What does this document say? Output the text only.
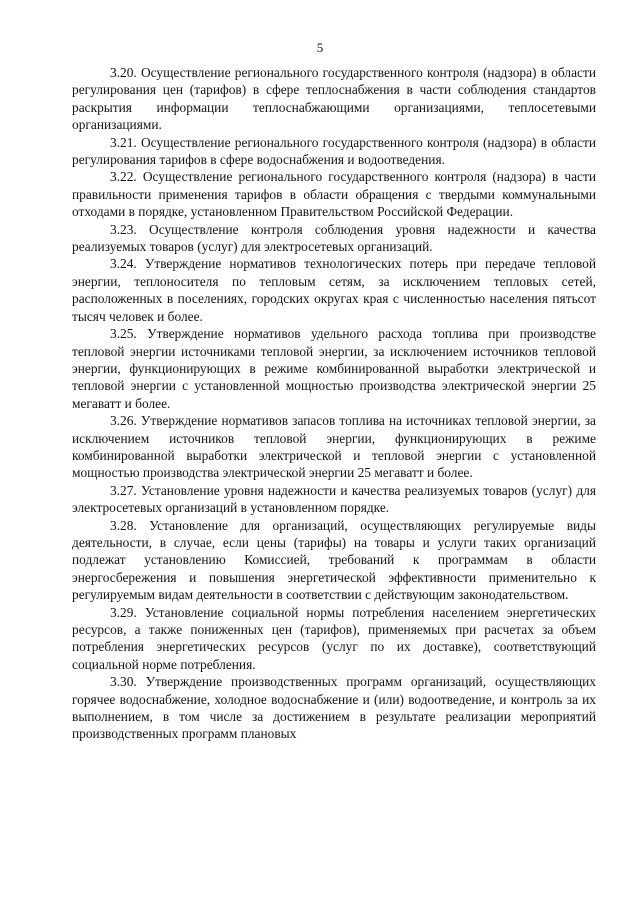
5

3.20. Осуществление регионального государственного контроля (надзора) в области регулирования цен (тарифов) в сфере теплоснабжения в части соблюдения стандартов раскрытия информации теплоснабжающими организациями, теплосетевыми организациями.

3.21. Осуществление регионального государственного контроля (надзора) в области регулирования тарифов в сфере водоснабжения и водоотведения.

3.22. Осуществление регионального государственного контроля (надзора) в части правильности применения тарифов в области обращения с твердыми коммунальными отходами в порядке, установленном Правительством Российской Федерации.

3.23. Осуществление контроля соблюдения уровня надежности и качества реализуемых товаров (услуг) для электросетевых организаций.

3.24. Утверждение нормативов технологических потерь при передаче тепловой энергии, теплоносителя по тепловым сетям, за исключением тепловых сетей, расположенных в поселениях, городских округах края с численностью населения пятьсот тысяч человек и более.

3.25. Утверждение нормативов удельного расхода топлива при производстве тепловой энергии источниками тепловой энергии, за исключением источников тепловой энергии, функционирующих в режиме комбинированной выработки электрической и тепловой энергии с установленной мощностью производства электрической энергии 25 мегаватт и более.

3.26. Утверждение нормативов запасов топлива на источниках тепловой энергии, за исключением источников тепловой энергии, функционирующих в режиме комбинированной выработки электрической и тепловой энергии с установленной мощностью производства электрической энергии 25 мегаватт и более.

3.27. Установление уровня надежности и качества реализуемых товаров (услуг) для электросетевых организаций в установленном порядке.

3.28. Установление для организаций, осуществляющих регулируемые виды деятельности, в случае, если цены (тарифы) на товары и услуги таких организаций подлежат установлению Комиссией, требований к программам в области энергосбережения и повышения энергетической эффективности применительно к регулируемым видам деятельности в соответствии с действующим законодательством.

3.29. Установление социальной нормы потребления населением энергетических ресурсов, а также пониженных цен (тарифов), применяемых при расчетах за объем потребления энергетических ресурсов (услуг по их доставке), соответствующий социальной норме потребления.

3.30. Утверждение производственных программ организаций, осуществляющих горячее водоснабжение, холодное водоснабжение и (или) водоотведение, и контроль за их выполнением, в том числе за достижением в результате реализации мероприятий производственных программ плановых
